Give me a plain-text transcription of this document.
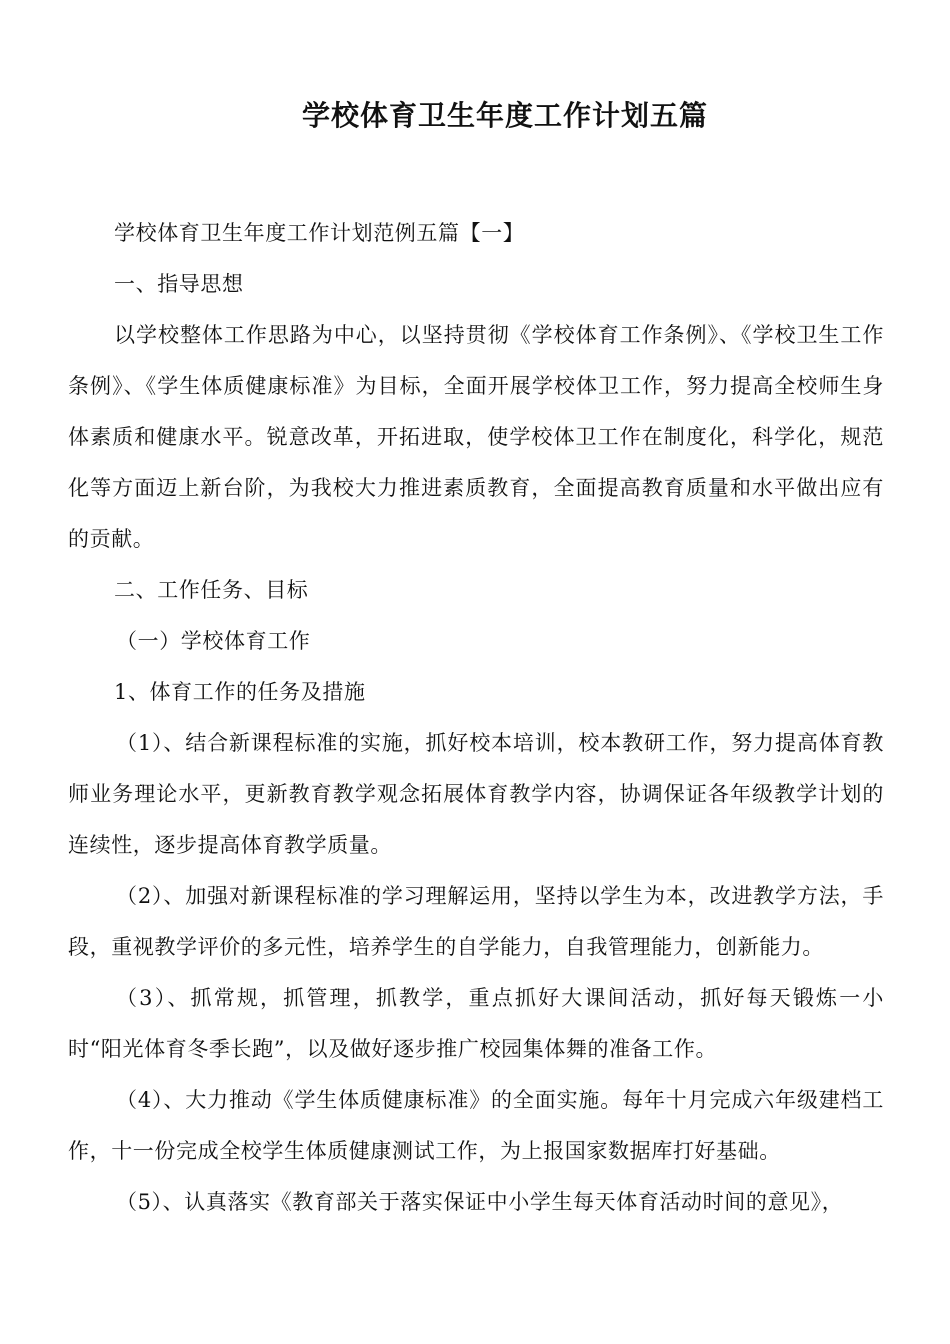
学校体育卫生年度工作计划五篇

学校体育卫生年度工作计划范例五篇【一】

一、指导思想

以学校整体工作思路为中心，以坚持贯彻《学校体育工作条例》、《学校卫生工作条例》、《学生体质健康标准》为目标，全面开展学校体卫工作，努力提高全校师生身体素质和健康水平。锐意改革，开拓进取，使学校体卫工作在制度化，科学化，规范化等方面迈上新台阶，为我校大力推进素质教育，全面提高教育质量和水平做出应有的贡献。

二、工作任务、目标

（一）学校体育工作

1、体育工作的任务及措施

（1）、结合新课程标准的实施，抓好校本培训，校本教研工作，努力提高体育教师业务理论水平，更新教育教学观念拓展体育教学内容，协调保证各年级教学计划的连续性，逐步提高体育教学质量。

（2）、加强对新课程标准的学习理解运用，坚持以学生为本，改进教学方法，手段，重视教学评价的多元性，培养学生的自学能力，自我管理能力，创新能力。

（3）、抓常规，抓管理，抓教学，重点抓好大课间活动，抓好每天锻炼一小时“阳光体育冬季长跑”，以及做好逐步推广校园集体舞的准备工作。

（4）、大力推动《学生体质健康标准》的全面实施。每年十月完成六年级建档工作，十一份完成全校学生体质健康测试工作，为上报国家数据库打好基础。

（5）、认真落实《教育部关于落实保证中小学生每天体育活动时间的意见》，
